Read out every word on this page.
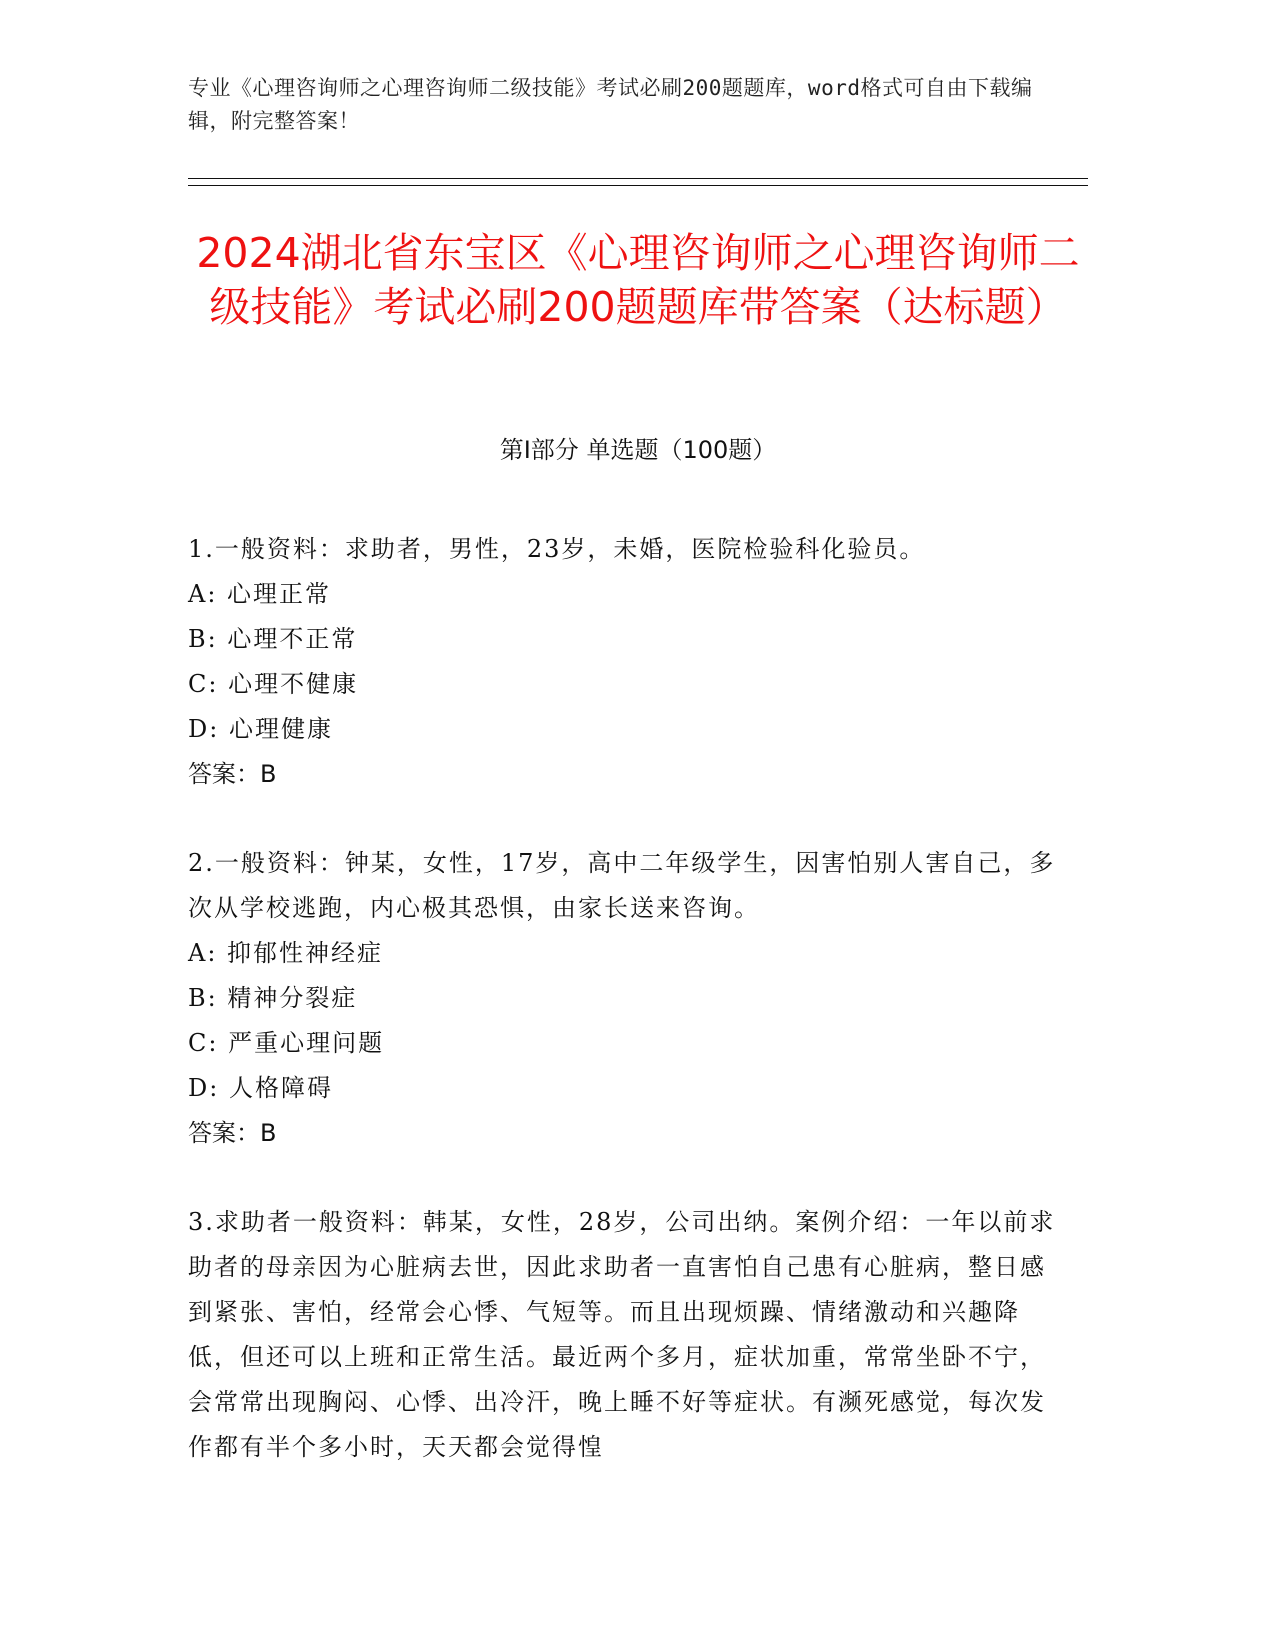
专业《心理咨询师之心理咨询师二级技能》考试必刷200题题库，word格式可自由下载编辑，附完整答案！
2024湖北省东宝区《心理咨询师之心理咨询师二级技能》考试必刷200题题库带答案（达标题）
第I部分 单选题（100题）
1.一般资料：求助者，男性，23岁，未婚，医院检验科化验员。
A: 心理正常
B: 心理不正常
C: 心理不健康
D: 心理健康
答案：B
2.一般资料：钟某，女性，17岁，高中二年级学生，因害怕别人害自己，多次从学校逃跑，内心极其恐惧，由家长送来咨询。
A: 抑郁性神经症
B: 精神分裂症
C: 严重心理问题
D: 人格障碍
答案：B
3.求助者一般资料：韩某，女性，28岁，公司出纳。案例介绍：一年以前求助者的母亲因为心脏病去世，因此求助者一直害怕自己患有心脏病，整日感到紧张、害怕，经常会心悸、气短等。而且出现烦躁、情绪激动和兴趣降低，但还可以上班和正常生活。最近两个多月，症状加重，常常坐卧不宁，会常常出现胸闷、心悸、出冷汗，晚上睡不好等症状。有濒死感觉，每次发作都有半个多小时，天天都会觉得惶
